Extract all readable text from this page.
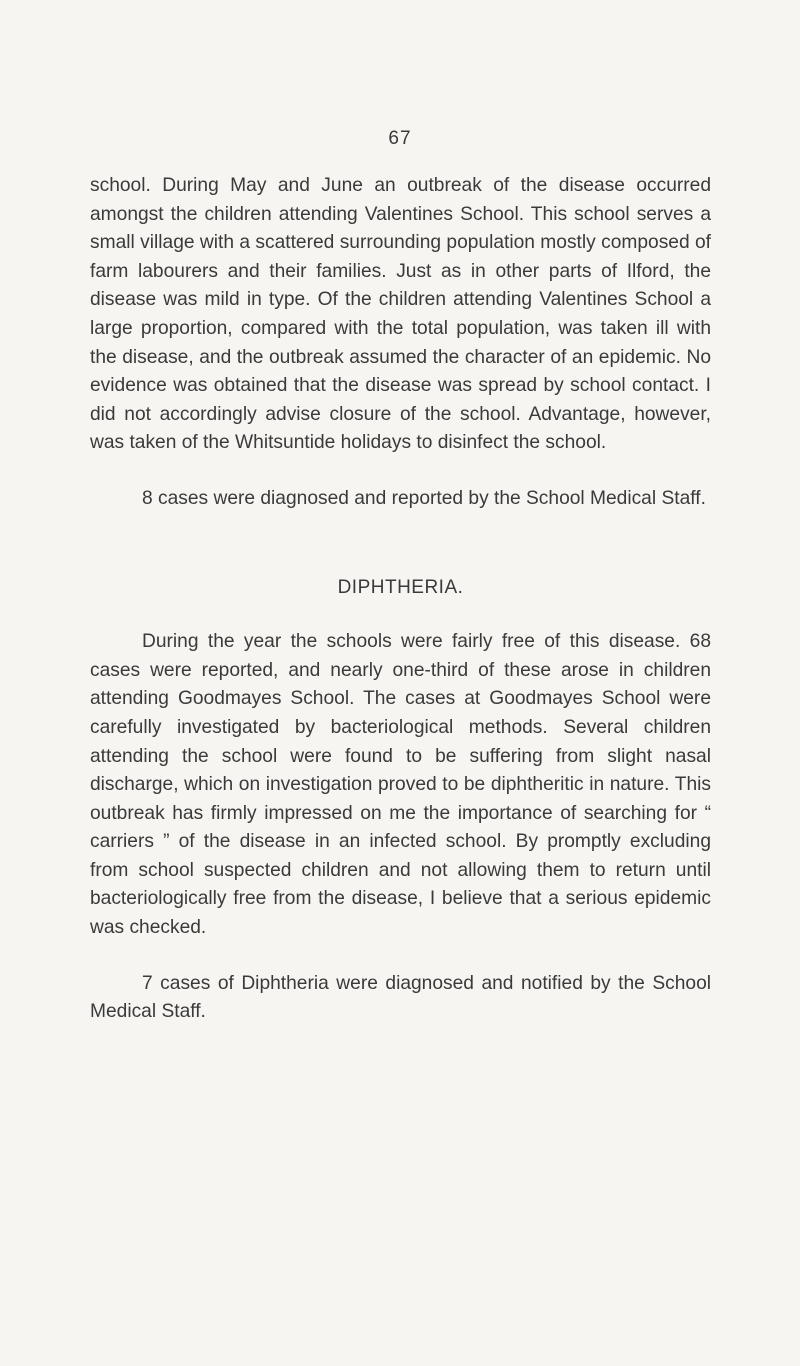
67

school. During May and June an outbreak of the disease occurred amongst the children attending Valentines School. This school serves a small village with a scattered surrounding population mostly composed of farm labourers and their families. Just as in other parts of Ilford, the disease was mild in type. Of the children attending Valentines School a large proportion, compared with the total population, was taken ill with the disease, and the outbreak assumed the character of an epidemic. No evidence was obtained that the disease was spread by school contact. I did not accordingly advise closure of the school. Advantage, however, was taken of the Whitsuntide holidays to disinfect the school.

8 cases were diagnosed and reported by the School Medical Staff.

DIPHTHERIA.

During the year the schools were fairly free of this disease. 68 cases were reported, and nearly one-third of these arose in children attending Goodmayes School. The cases at Goodmayes School were carefully investigated by bacteriological methods. Several children attending the school were found to be suffering from slight nasal discharge, which on investigation proved to be diphtheritic in nature. This outbreak has firmly impressed on me the importance of searching for “ carriers ” of the disease in an infected school. By promptly excluding from school suspected children and not allowing them to return until bacteriologically free from the disease, I believe that a serious epidemic was checked.

7 cases of Diphtheria were diagnosed and notified by the School Medical Staff.
